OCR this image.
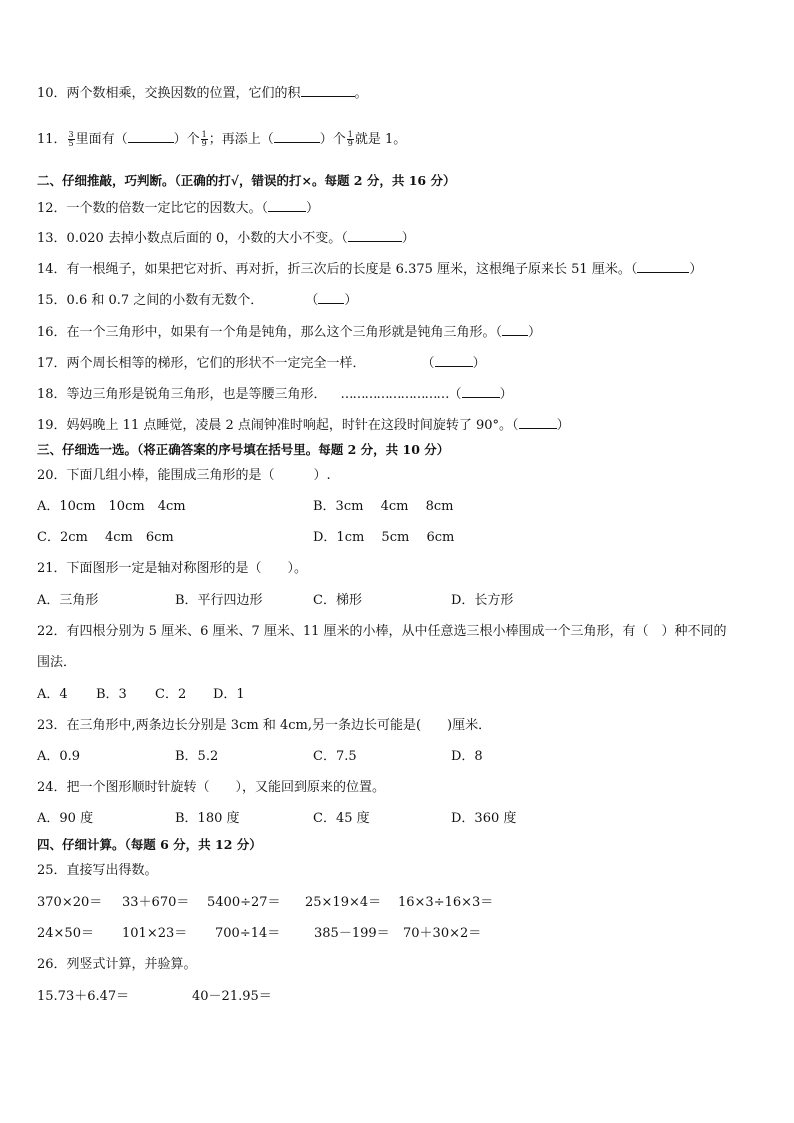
10．两个数相乘，交换因数的位置，它们的积	。
11． $\frac{3}{5}$ 里面有（	）个 $\frac{1}{9}$ ；再添上（	）个 $\frac{1}{9}$ 就是 1。
二、仔细推敲，巧判断。（正确的打√，错误的打×。每题 2 分，共 16 分）
12．一个数的倍数一定比它的因数大。（	）
13．0.020 去掉小数点后面的 0，小数的大小不变。（	）
14．有一根绳子，如果把它对折、再对折，折三次后的长度是 6.375 厘米，这根绳子原来长 51 厘米。（	）
15．0.6 和 0.7 之间的小数有无数个．	（ ）
16．在一个三角形中，如果有一个角是钝角，那么这个三角形就是钝角三角形。（ ）
17．两个周长相等的梯形，它们的形状不一定完全一样．	（	）
18．等边三角形是锐角三角形，也是等腰三角形． ………………………（	）
19．妈妈晚上 11 点睡觉，凌晨 2 点闹钟准时响起，时针在这段时间旋转了 90°。（	）
三、仔细选一选。（将正确答案的序号填在括号里。每题 2 分，共 10 分）
20．下面几组小棒，能围成三角形的是（　　　）.
A．10cm　10cm　4cm	B．3cm　 4cm　 8cm
C．2cm　 4cm　6cm	D．1cm　 5cm　 6cm
21．下面图形一定是轴对称图形的是（　　）。
A．三角形	B．平行四边形	C．梯形	D．长方形
22．有四根分别为 5 厘米、6 厘米、7 厘米、11 厘米的小棒，从中任意选三根小棒围成一个三角形，有（　）种不同的
围法．
A．4 B．3 C．2 D．1
23．在三角形中,两条边长分别是 3cm 和 4cm,另一条边长可能是(　　)厘米．
A．0.9	B．5.2	C．7.5	D．8
24．把一个图形顺时针旋转（　　），又能回到原来的位置。
A．90 度	B．180 度	C．45 度	D．360 度
四、仔细计算。（每题 6 分，共 12 分）
25．直接写出得数。
370×20＝ 33＋670＝ 5400÷27＝ 25×19×4＝ 16×3÷16×3＝
24×50＝ 101×23＝ 700÷14＝	385－199＝ 70＋30×2＝
26．列竖式计算，并验算。
15.73＋6.47＝	40－21.95＝
